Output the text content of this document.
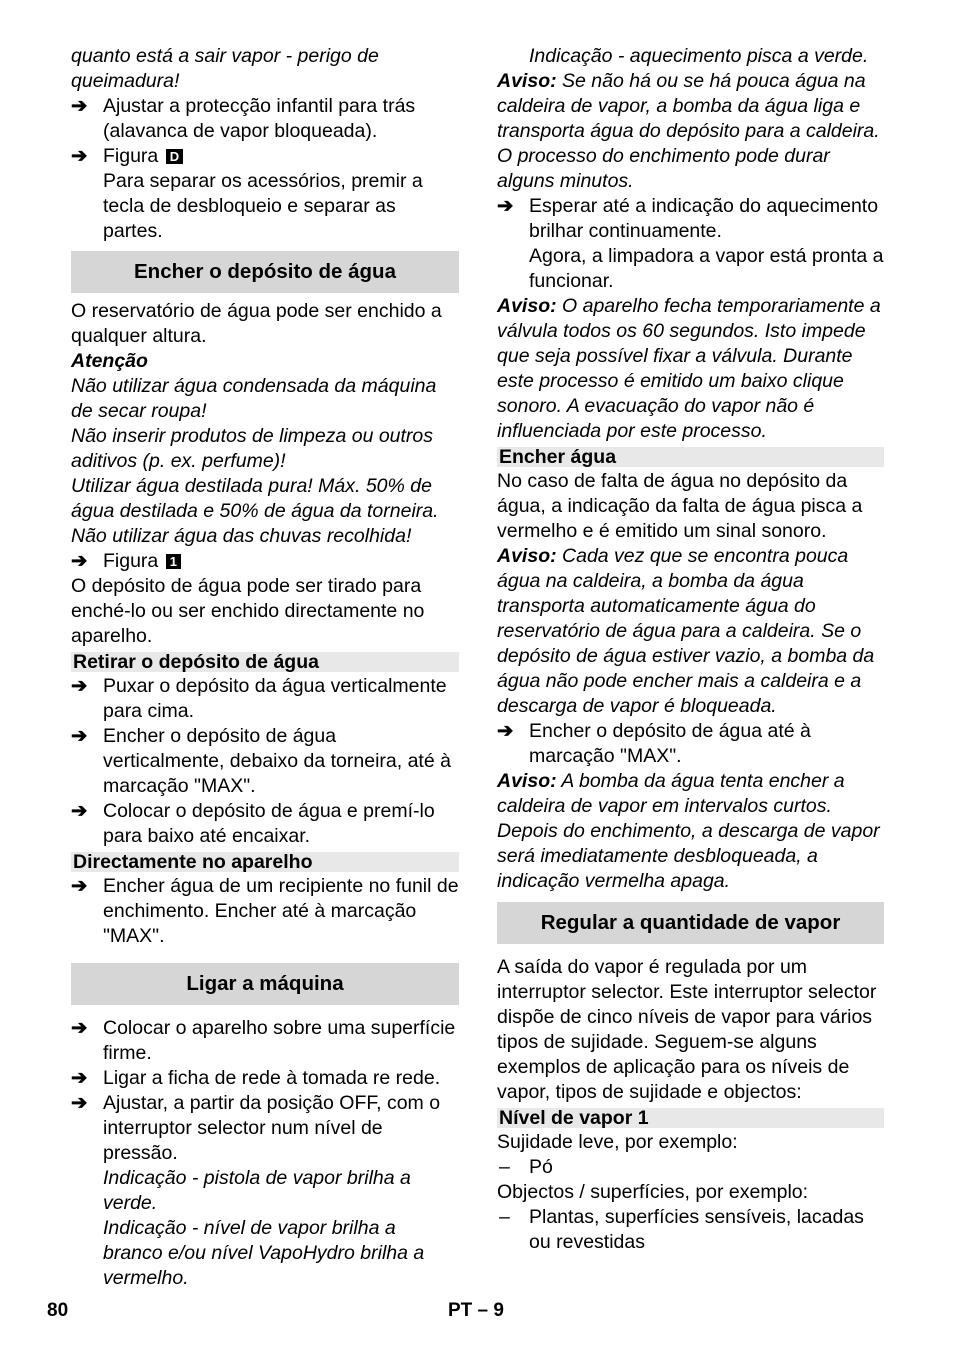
quanto está a sair vapor - perigo de queimadura!

➔ Ajustar a protecção infantil para trás (alavanca de vapor bloqueada).
➔ Figura D

Para separar os acessórios, premir a tecla de desbloqueio e separar as partes.

Encher o depósito de água

O reservatório de água pode ser enchido a qualquer altura.

Atenção

Não utilizar água condensada da máquina de secar roupa!

Não inserir produtos de limpeza ou outros aditivos (p. ex. perfume)!

Utilizar água destilada pura! Máx. 50% de água destilada e 50% de água da torneira. Não utilizar água das chuvas recolhida!

➔ Figura 1

O depósito de água pode ser tirado para enché-lo ou ser enchido directamente no aparelho.

Retirar o depósito de água
➔ Puxar o depósito da água verticalmente para cima.
➔ Encher o depósito de água verticalmente, debaixo da torneira, até à marcação "MAX".
➔ Colocar o depósito de água e premí-lo para baixo até encaixar.
Directamente no aparelho
➔ Encher água de um recipiente no funil de enchimento. Encher até à marcação "MAX".
Ligar a máquina
➔ Colocar o aparelho sobre uma superfície firme.
➔ Ligar a ficha de rede à tomada re rede.
➔ Ajustar, a partir da posição OFF, com o interruptor selector num nível de pressão.

Indicação - pistola de vapor brilha a verde.

Indicação - nível de vapor brilha a branco e/ou nível VapoHydro brilha a vermelho.

Indicação - aquecimento pisca a verde.

Aviso: Se não há ou se há pouca água na caldeira de vapor, a bomba da água liga e transporta água do depósito para a caldeira. O processo do enchimento pode durar alguns minutos.

➔ Esperar até a indicação do aquecimento brilhar continuamente.

Agora, a limpadora a vapor está pronta a funcionar.

Aviso: O aparelho fecha temporariamente a válvula todos os 60 segundos. Isto impede que seja possível fixar a válvula. Durante este processo é emitido um baixo clique sonoro. A evacuação do vapor não é influenciada por este processo.

Encher água

No caso de falta de água no depósito da água, a indicação da falta de água pisca a vermelho e é emitido um sinal sonoro.

Aviso: Cada vez que se encontra pouca água na caldeira, a bomba da água transporta automaticamente água do reservatório de água para a caldeira. Se o depósito de água estiver vazio, a bomba da água não pode encher mais a caldeira e a descarga de vapor é bloqueada.

➔ Encher o depósito de água até à marcação "MAX".

Aviso: A bomba da água tenta encher a caldeira de vapor em intervalos curtos. Depois do enchimento, a descarga de vapor será imediatamente desbloqueada, a indicação vermelha apaga.

Regular a quantidade de vapor

A saída do vapor é regulada por um interruptor selector. Este interruptor selector dispõe de cinco níveis de vapor para vários tipos de sujidade. Seguem-se alguns exemplos de aplicação para os níveis de vapor, tipos de sujidade e objectos:

Nível de vapor 1

Sujidade leve, por exemplo:

– Pó

Objectos / superfícies, por exemplo:

– Plantas, superfícies sensíveis, lacadas ou revestidas
80	PT – 9
